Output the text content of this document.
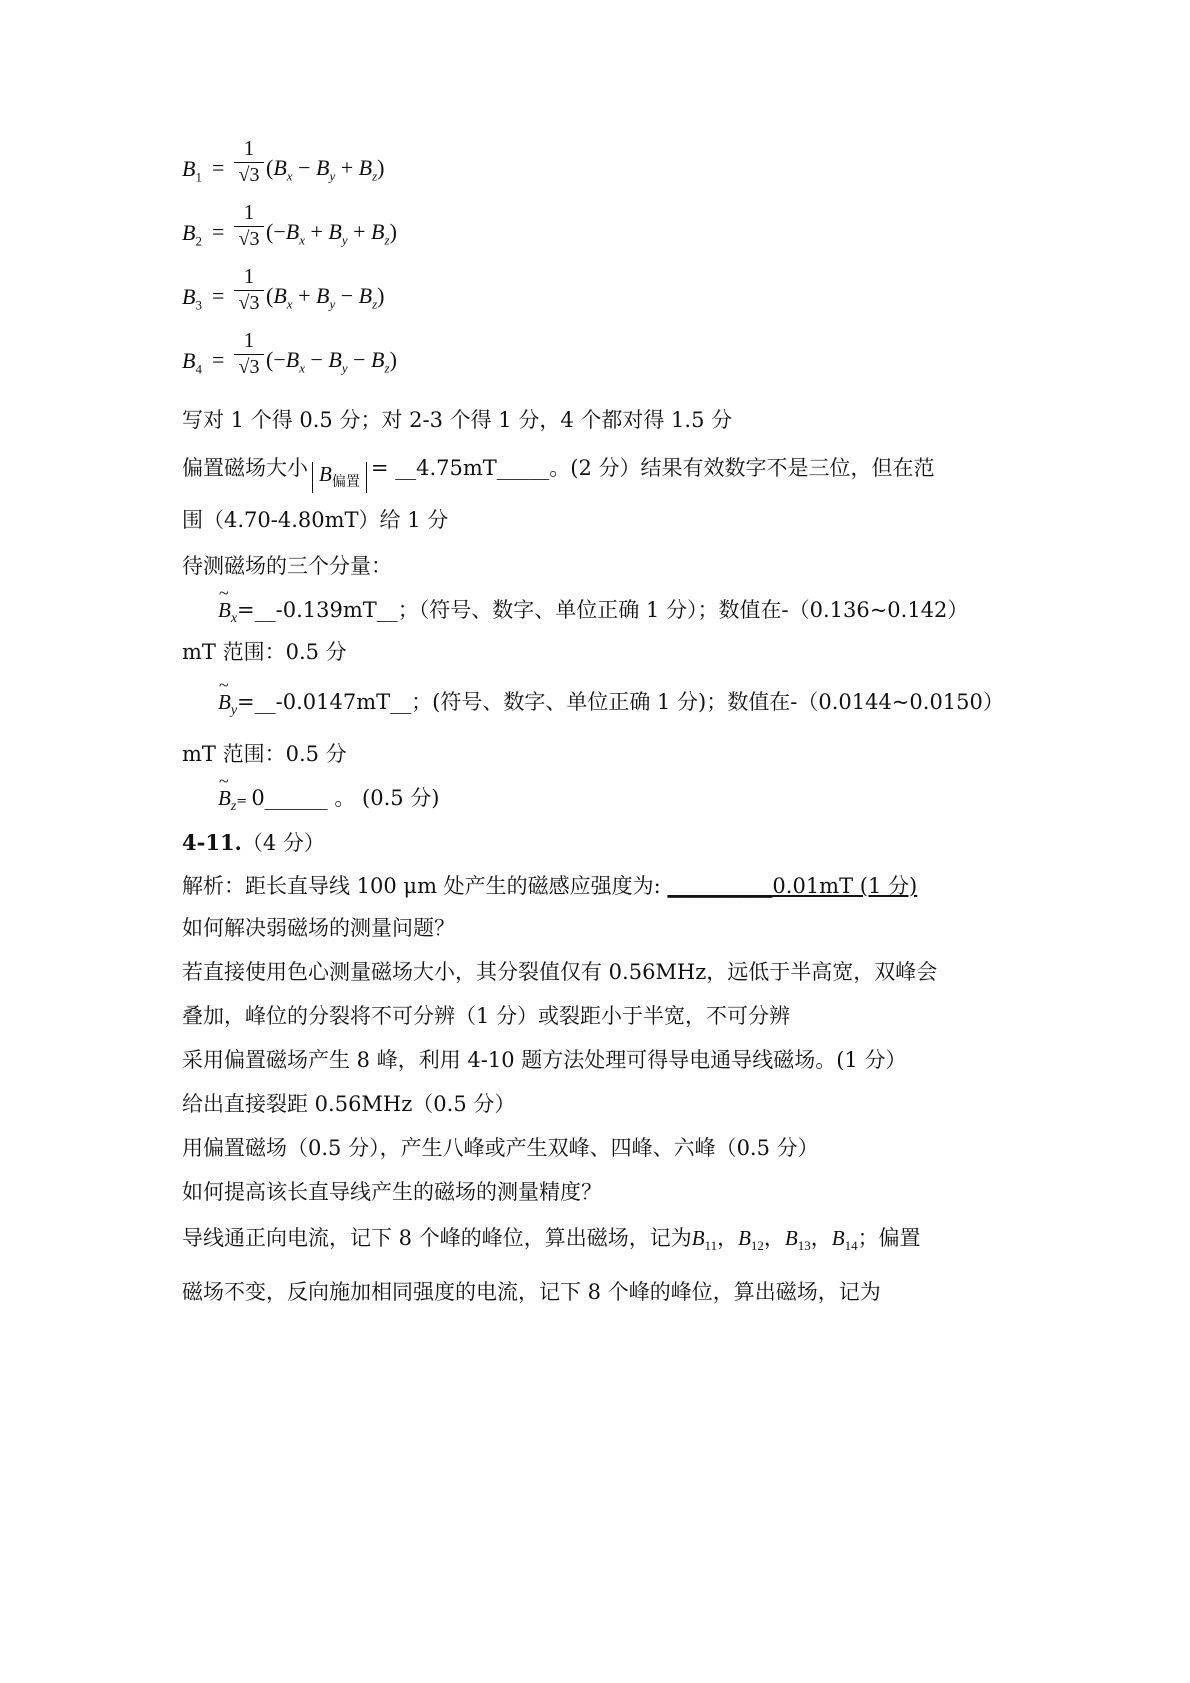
$B_1$ =
1
√3 $(B_x - B_y + B_z)$
$B_2$ =
1
√3 $(-B_x + B_y + B_z)$
$B_3$ =
1
√3 $(B_x + B_y - B_z)$
$B_4$ =
1
√3 $(-B_x - B_y - B_z)$
写对 1 个得 0.5 分；对 2-3 个得 1 分，4 个都对得 1.5 分
偏置磁场大小 $B_{偏置}=$ __4.75mT_____。(2 分）结果有效数字不是三位，但在范
围（4.70-4.80mT）给 1 分
待测磁场的三个分量：
~ $B_x=\_\_-0.139mT\_\_$；（符号、数字、单位正确 1 分）；数值在-（0.136~0.142）
mT 范围：0.5 分
~ $B_y=\_\_-0.0147mT\_\_$；(符号、数字、单位正确 1 分)；数值在-（0.0144~0.0150）
mT 范围：0.5 分
~ $B_z=$ 0______ 。 (0.5 分)
4-11.（4 分）
解析：距长直导线 100 μm 处产生的磁感应强度为: __________0.01mT (1 分)
如何解决弱磁场的测量问题？
若直接使用色心测量磁场大小，其分裂值仅有 0.56MHz，远低于半高宽，双峰会
叠加，峰位的分裂将不可分辨（1 分）或裂距小于半宽，不可分辨
采用偏置磁场产生 8 峰，利用 4-10 题方法处理可得导电通导线磁场。(1 分）
给出直接裂距 0.56MHz（0.5 分）
用偏置磁场（0.5 分），产生八峰或产生双峰、四峰、六峰（0.5 分）
如何提高该长直导线产生的磁场的测量精度？
导线通正向电流，记下 8 个峰的峰位，算出磁场，记为$B_{11}$，$B_{12}$，$B_{13}$，$B_{14}$；偏置
磁场不变，反向施加相同强度的电流，记下 8 个峰的峰位，算出磁场，记为
